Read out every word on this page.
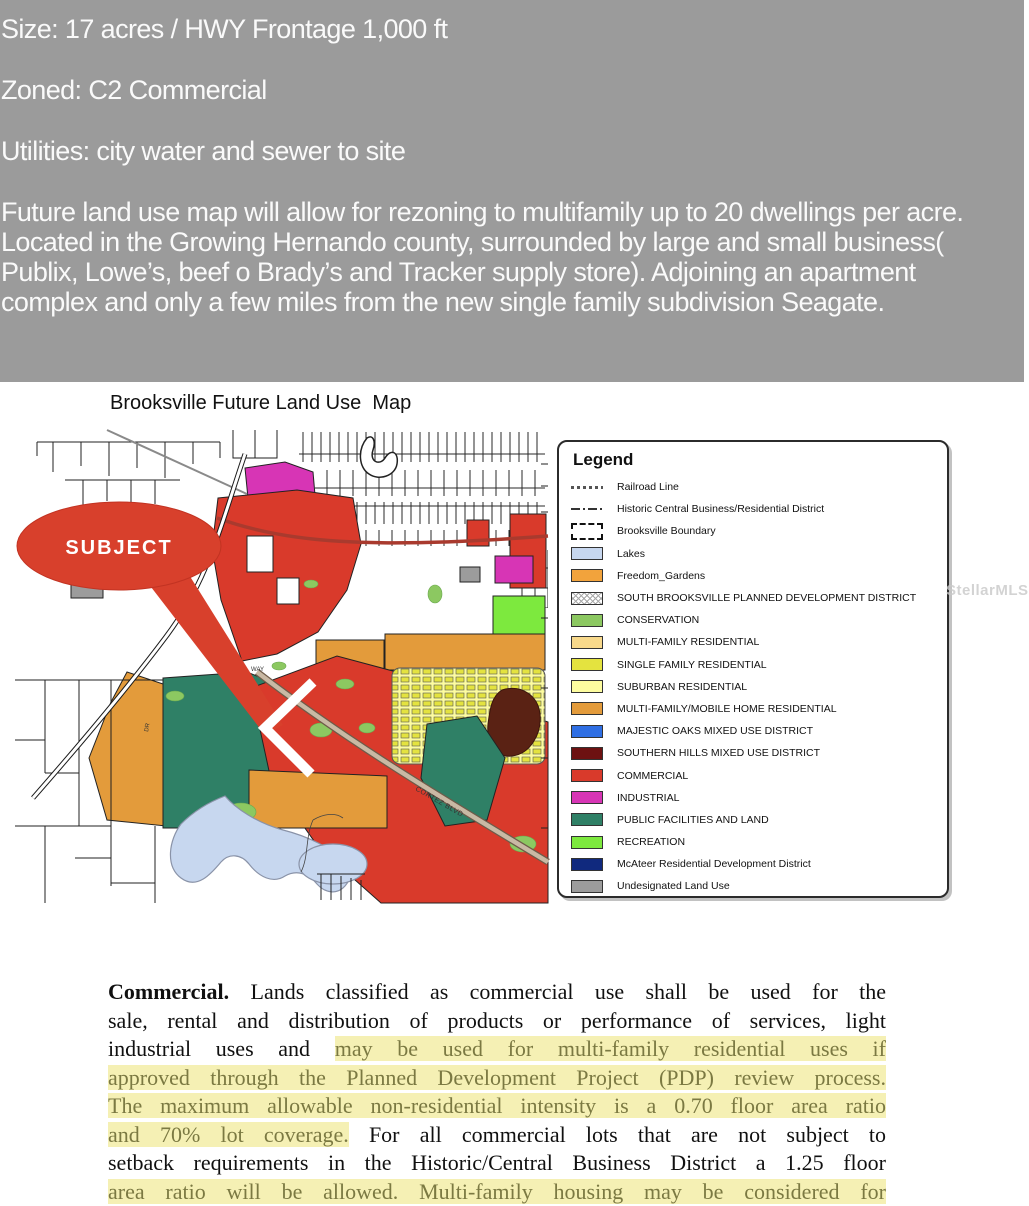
Size: 17 acres / HWY Frontage 1,000 ft
Zoned: C2 Commercial
Utilities: city water and sewer to site
Future land use map will allow for rezoning to multifamily up to 20 dwellings per acre. Located in the Growing Hernando county, surrounded by large and small business( Publix, Lowe’s, beef o Brady’s and Tracker supply store). Adjoining an apartment complex and only a few miles from the new single family subdivision Seagate.
Brooksville Future Land Use  Map
CORTEZ BLVD
DR
WAY
SUBJECT
Legend
Railroad Line
Historic Central Business/Residential District
Brooksville Boundary
Lakes
Freedom_Gardens
SOUTH BROOKSVILLE PLANNED DEVELOPMENT DISTRICT
CONSERVATION
MULTI-FAMILY RESIDENTIAL
SINGLE FAMILY RESIDENTIAL
SUBURBAN RESIDENTIAL
MULTI-FAMILY/MOBILE HOME RESIDENTIAL
MAJESTIC OAKS MIXED USE DISTRICT
SOUTHERN HILLS MIXED USE DISTRICT
COMMERCIAL
INDUSTRIAL
PUBLIC FACILITIES AND LAND
RECREATION
McAteer Residential Development District
Undesignated Land Use
StellarMLS
Commercial. Lands classified as commercial use shall be used for the
sale, rental and distribution of products or performance of services, light
industrial uses and may be used for multi-family residential uses if
approved through the Planned Development Project (PDP) review process.
The maximum allowable non-residential intensity is a 0.70 floor area ratio
and 70% lot coverage. For all commercial lots that are not subject to
setback requirements in the Historic/Central Business District a 1.25 floor
area ratio will be allowed. Multi-family housing may be considered for
